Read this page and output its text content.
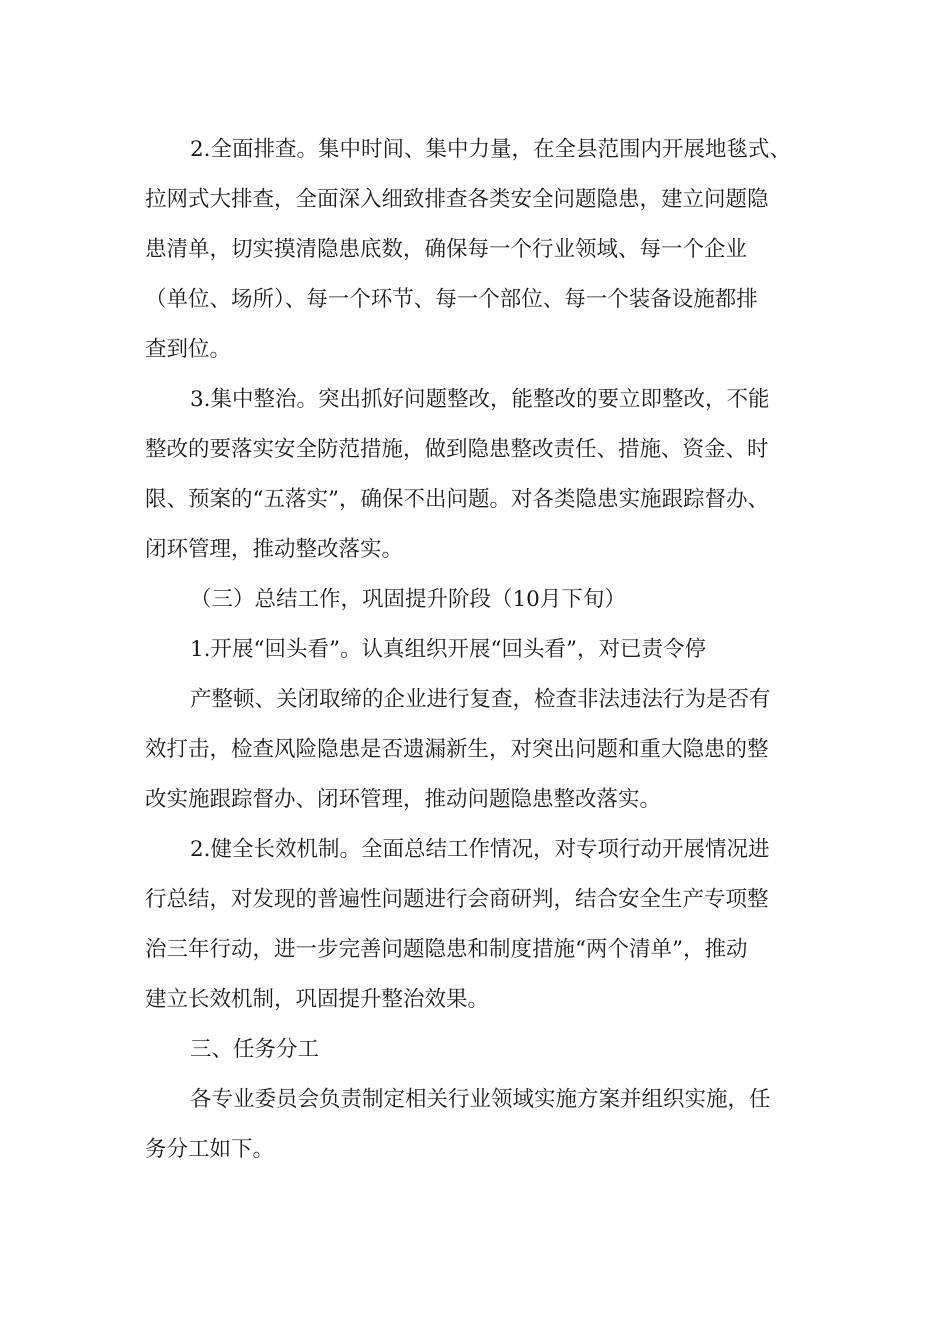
2.全面排查。集中时间、集中力量，在全县范围内开展地毯式、
拉网式大排查，全面深入细致排查各类安全问题隐患，建立问题隐
患清单，切实摸清隐患底数，确保每一个行业领域、每一个企业
（单位、场所）、每一个环节、每一个部位、每一个装备设施都排
查到位。
3.集中整治。突出抓好问题整改，能整改的要立即整改，不能
整改的要落实安全防范措施，做到隐患整改责任、措施、资金、时
限、预案的“五落实”，确保不出问题。对各类隐患实施跟踪督办、
闭环管理，推动整改落实。
（三）总结工作，巩固提升阶段（10月下旬）
1.开展“回头看”。认真组织开展“回头看”，对已责令停
产整顿、关闭取缔的企业进行复查，检查非法违法行为是否有
效打击，检查风险隐患是否遗漏新生，对突出问题和重大隐患的整
改实施跟踪督办、闭环管理，推动问题隐患整改落实。
2.健全长效机制。全面总结工作情况，对专项行动开展情况进
行总结，对发现的普遍性问题进行会商研判，结合安全生产专项整
治三年行动，进一步完善问题隐患和制度措施“两个清单”，推动
建立长效机制，巩固提升整治效果。
三、任务分工
各专业委员会负责制定相关行业领域实施方案并组织实施，任
务分工如下。
